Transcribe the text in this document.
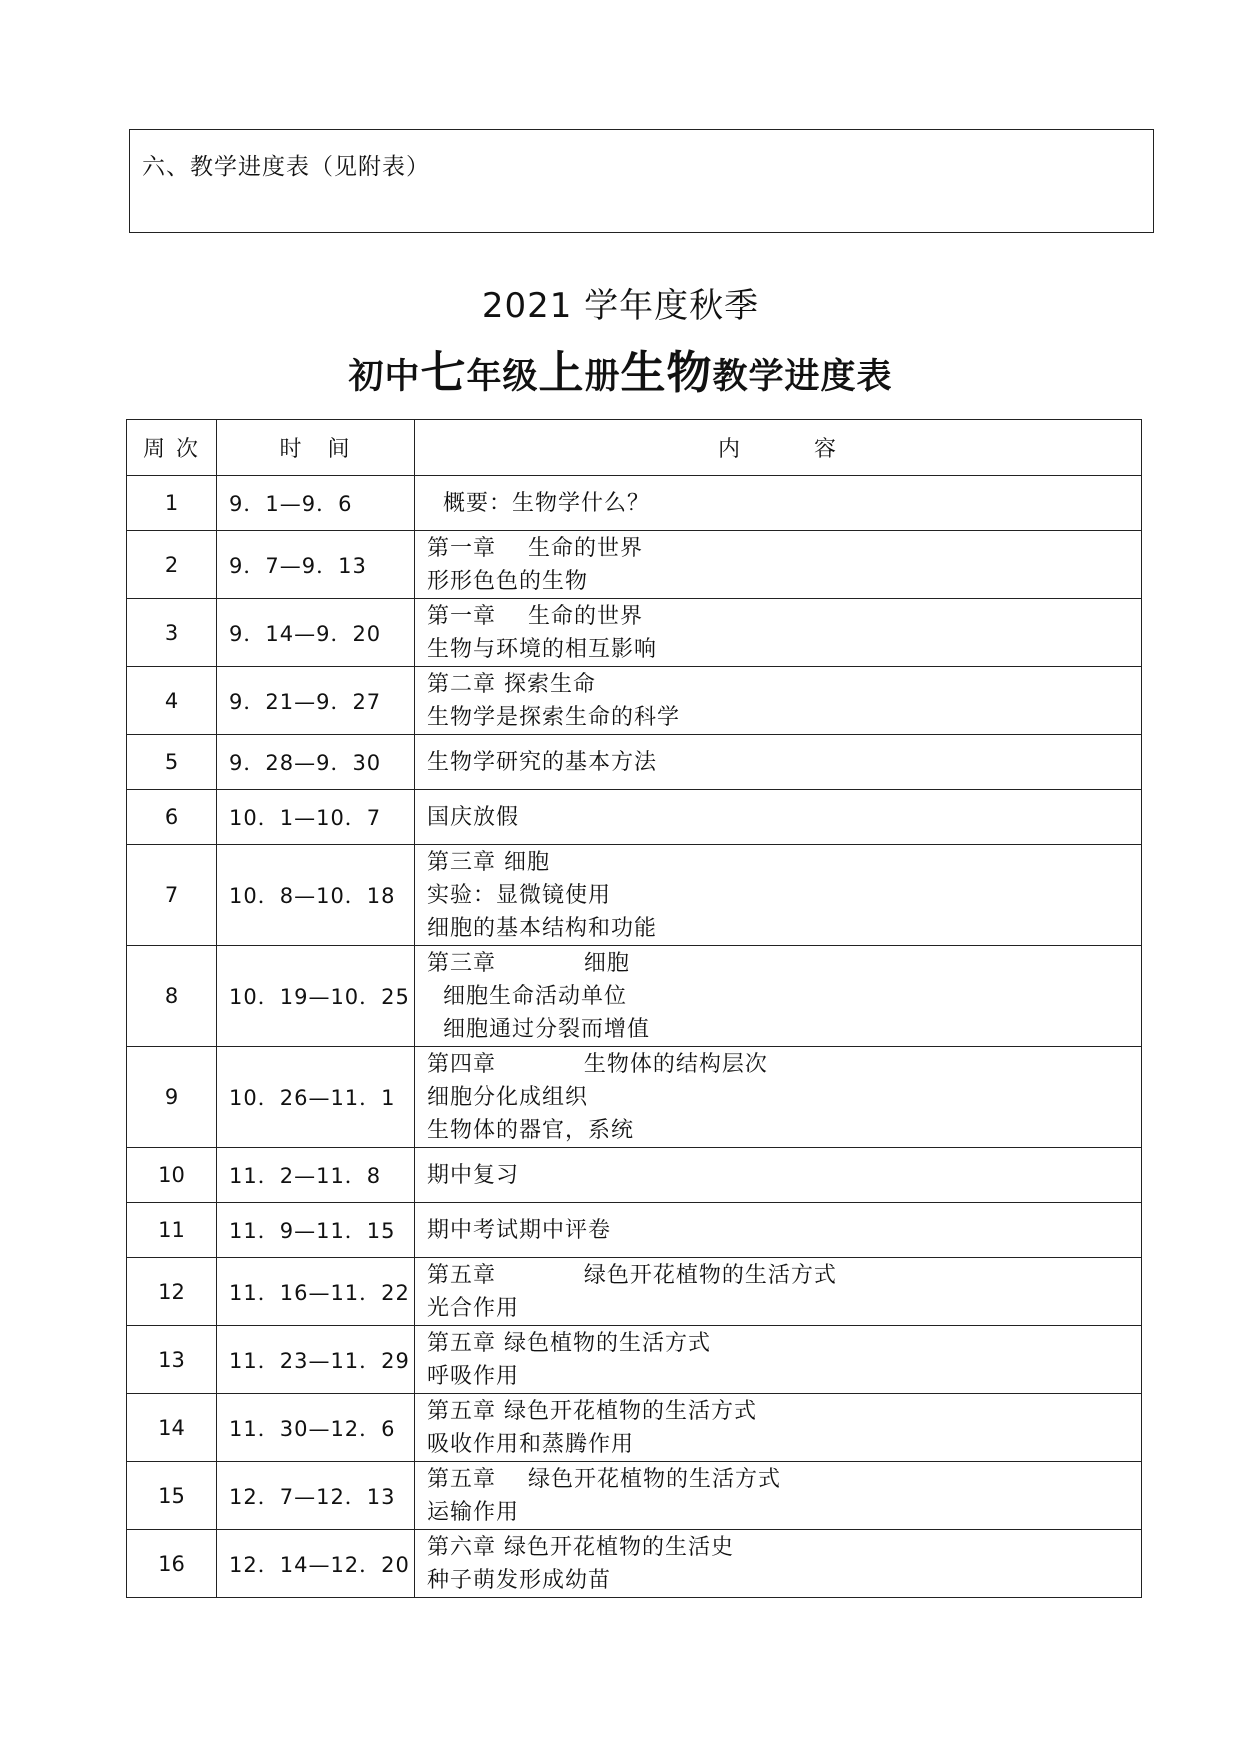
六、教学进度表（见附表）
2021 学年度秋季
初中七年级上册生物教学进度表
周 次	时　间	内　　　容
1	9．1—9．6	概要：生物学什么？

2	9．7—9．13	第一章    生命的世界
形形色色的生物

3	9．14—9．20	第一章    生命的世界
生物与环境的相互影响

4	9．21—9．27	第二章 探索生命
生物学是探索生命的科学

5	9．28—9．30	生物学研究的基本方法

6	10．1—10．7	国庆放假

7	10．8—10．18	第三章 细胞
实验：显微镜使用
细胞的基本结构和功能

8	10．19—10．25	第三章           细胞
细胞生命活动单位
细胞通过分裂而增值

9	10．26—11．1	第四章           生物体的结构层次
细胞分化成组织
生物体的器官，系统

10	11．2—11．8	期中复习

11	11．9—11．15	期中考试期中评卷

12	11．16—11．22	第五章           绿色开花植物的生活方式
光合作用

13	11．23—11．29	第五章 绿色植物的生活方式
呼吸作用

14	11．30—12．6	第五章 绿色开花植物的生活方式
吸收作用和蒸腾作用

15	12．7—12．13	第五章    绿色开花植物的生活方式
运输作用

16	12．14—12．20	第六章 绿色开花植物的生活史
种子萌发形成幼苗
